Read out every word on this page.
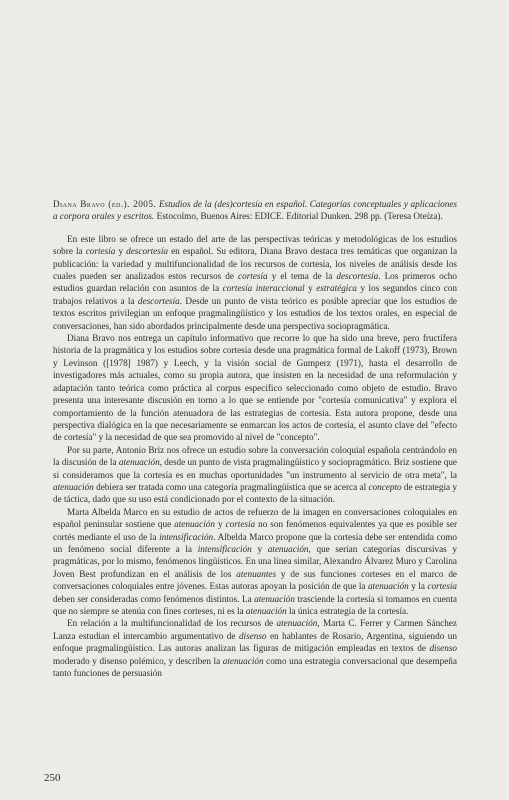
Diana Bravo (ed.). 2005. Estudios de la (des)cortesía en español. Categorías conceptuales y aplicaciones a corpora orales y escritos. Estocolmo, Buenos Aires: EDICE. Editorial Dunken. 298 pp. (Teresa Oteíza).

En este libro se ofrece un estado del arte de las perspectivas teóricas y metodológicas de los estudios sobre la cortesía y descortesía en español. Su editora, Diana Bravo destaca tres temáticas que organizan la publicación: la variedad y multifuncionalidad de los recursos de cortesía, los niveles de análisis desde los cuales pueden ser analizados estos recursos de cortesía y el tema de la descortesía. Los primeros ocho estudios guardan relación con asuntos de la cortesía interaccional y estratégica y los segundos cinco con trabajos relativos a la descortesía. Desde un punto de vista teórico es posible apreciar que los estudios de textos escritos privilegian un enfoque pragmalingüístico y los estudios de los textos orales, en especial de conversaciones, han sido abordados principalmente desde una perspectiva sociopragmática.

Diana Bravo nos entrega un capítulo informativo que recorre lo que ha sido una breve, pero fructífera historia de la pragmática y los estudios sobre cortesía desde una pragmática formal de Lakoff (1973), Brown y Levinson ([1978] 1987) y Leech, y la visión social de Gumperz (1971), hasta el desarrollo de investigadores más actuales, como su propia autora, que insisten en la necesidad de una reformulación y adaptación tanto teórica como práctica al corpus específico seleccionado como objeto de estudio. Bravo presenta una interesante discusión en torno a lo que se entiende por "cortesía comunicativa" y explora el comportamiento de la función atenuadora de las estrategias de cortesía. Esta autora propone, desde una perspectiva dialógica en la que necesariamente se enmarcan los actos de cortesía, el asunto clave del "efecto de cortesía" y la necesidad de que sea promovido al nivel de "concepto".

Por su parte, Antonio Briz nos ofrece un estudio sobre la conversación coloquial española centrándolo en la discusión de la atenuación, desde un punto de vista pragmalingüístico y sociopragmático. Briz sostiene que si consideramos que la cortesía es en muchas oportunidades "un instrumento al servicio de otra meta", la atenuación debiera ser tratada como una categoría pragmalingüística que se acerca al concepto de estrategia y de táctica, dado que su uso está condicionado por el contexto de la situación.

Marta Albelda Marco en su estudio de actos de refuerzo de la imagen en conversaciones coloquiales en español peninsular sostiene que atenuación y cortesía no son fenómenos equivalentes ya que es posible ser cortés mediante el uso de la intensificación. Albelda Marco propone que la cortesía debe ser entendida como un fenómeno social diferente a la intensificación y atenuación, que serían categorías discursivas y pragmáticas, por lo mismo, fenómenos lingüísticos. En una línea similar, Alexandro Álvarez Muro y Carolina Joven Best profundizan en el análisis de los atenuantes y de sus funciones corteses en el marco de conversaciones coloquiales entre jóvenes. Estas autoras apoyan la posición de que la atenuación y la cortesía deben ser consideradas como fenómenos distintos. La atenuación trasciende la cortesía si tomamos en cuenta que no siempre se atenúa con fines corteses, ni es la atenuación la única estrategia de la cortesía.

En relación a la multifuncionalidad de los recursos de atenuación, Marta C. Ferrer y Carmen Sánchez Lanza estudian el intercambio argumentativo de disenso en hablantes de Rosario, Argentina, siguiendo un enfoque pragmalingüístico. Las autoras analizan las figuras de mitigación empleadas en textos de disenso moderado y disenso polémico, y describen la atenuación como una estrategia conversacional que desempeña tanto funciones de persuasión

250
